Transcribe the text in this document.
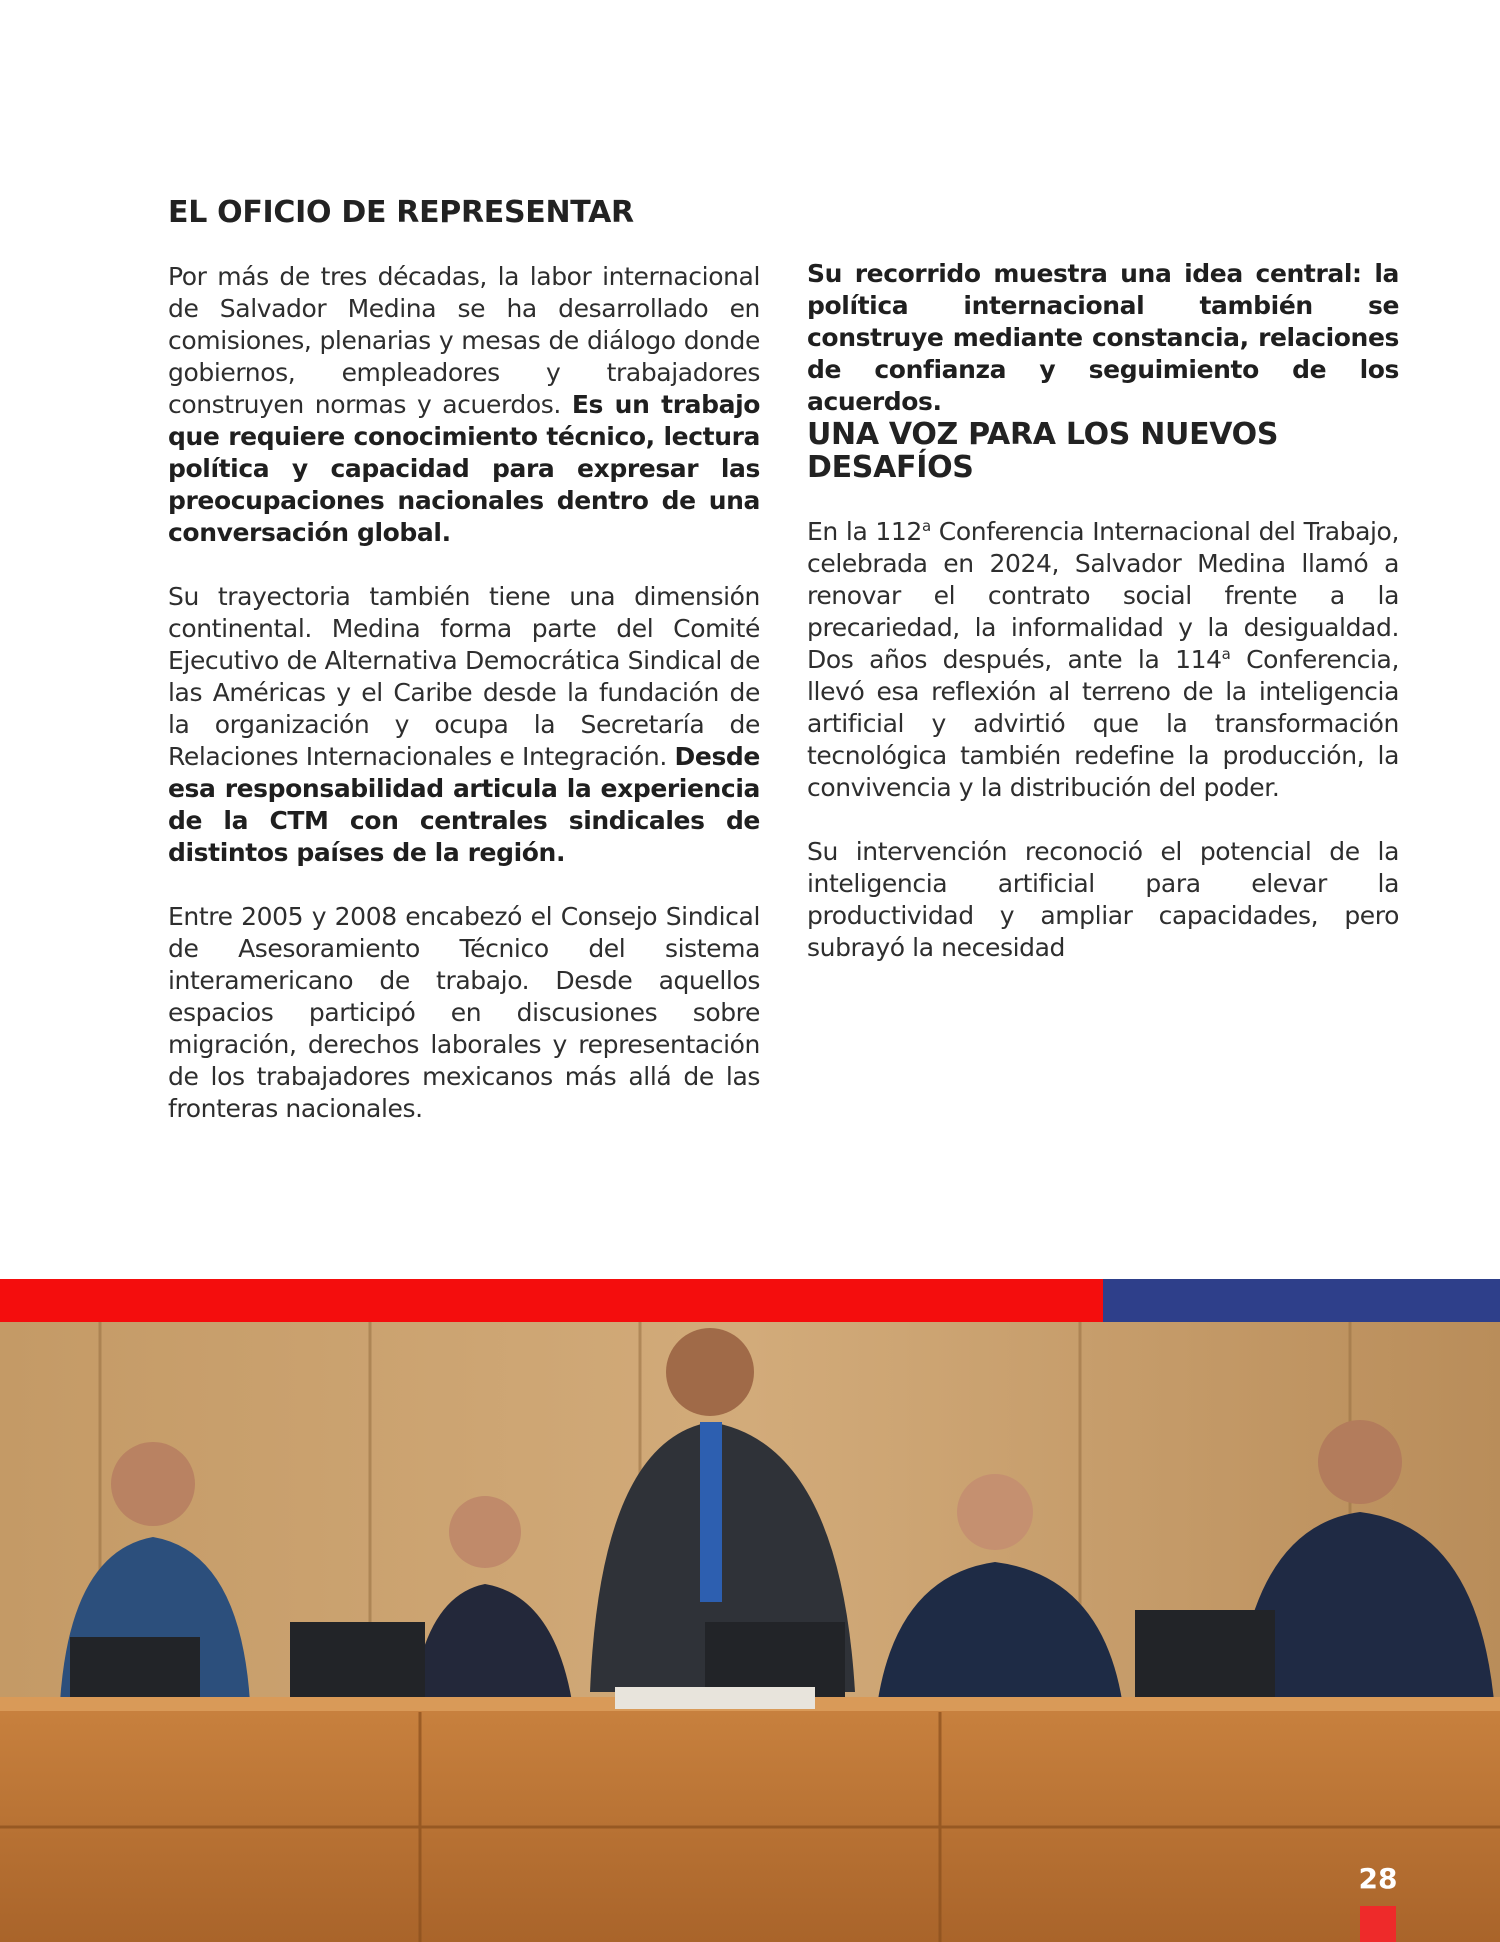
EL OFICIO DE REPRESENTAR

Por más de tres décadas, la labor internacional de Salvador Medina se ha desarrollado en comisiones, plenarias y mesas de diálogo donde gobiernos, empleadores y trabajadores construyen normas y acuerdos. Es un trabajo que requiere conocimiento técnico, lectura política y capacidad para expresar las preocupaciones nacionales dentro de una conversación global.

Su trayectoria también tiene una dimensión continental. Medina forma parte del Comité Ejecutivo de Alternativa Democrática Sindical de las Américas y el Caribe desde la fundación de la organización y ocupa la Secretaría de Relaciones Internacionales e Integración. Desde esa responsabilidad articula la experiencia de la CTM con centrales sindicales de distintos países de la región.

Entre 2005 y 2008 encabezó el Consejo Sindical de Asesoramiento Técnico del sistema interamericano de trabajo. Desde aquellos espacios participó en discusiones sobre migración, derechos laborales y representación de los trabajadores mexicanos más allá de las fronteras nacionales.

Su recorrido muestra una idea central: la política internacional también se construye mediante constancia, relaciones de confianza y seguimiento de los acuerdos.

UNA VOZ PARA LOS NUEVOS DESAFÍOS

En la 112$^a$ Conferencia Internacional del Trabajo, celebrada en 2024, Salvador Medina llamó a renovar el contrato social frente a la precariedad, la informalidad y la desigualdad. Dos años después, ante la 114$^a$ Conferencia, llevó esa reflexión al terreno de la inteligencia artificial y advirtió que la transformación tecnológica también redefine la producción, la convivencia y la distribución del poder.

Su intervención reconoció el potencial de la inteligencia artificial para elevar la productividad y ampliar capacidades, pero subrayó la necesidad

28
